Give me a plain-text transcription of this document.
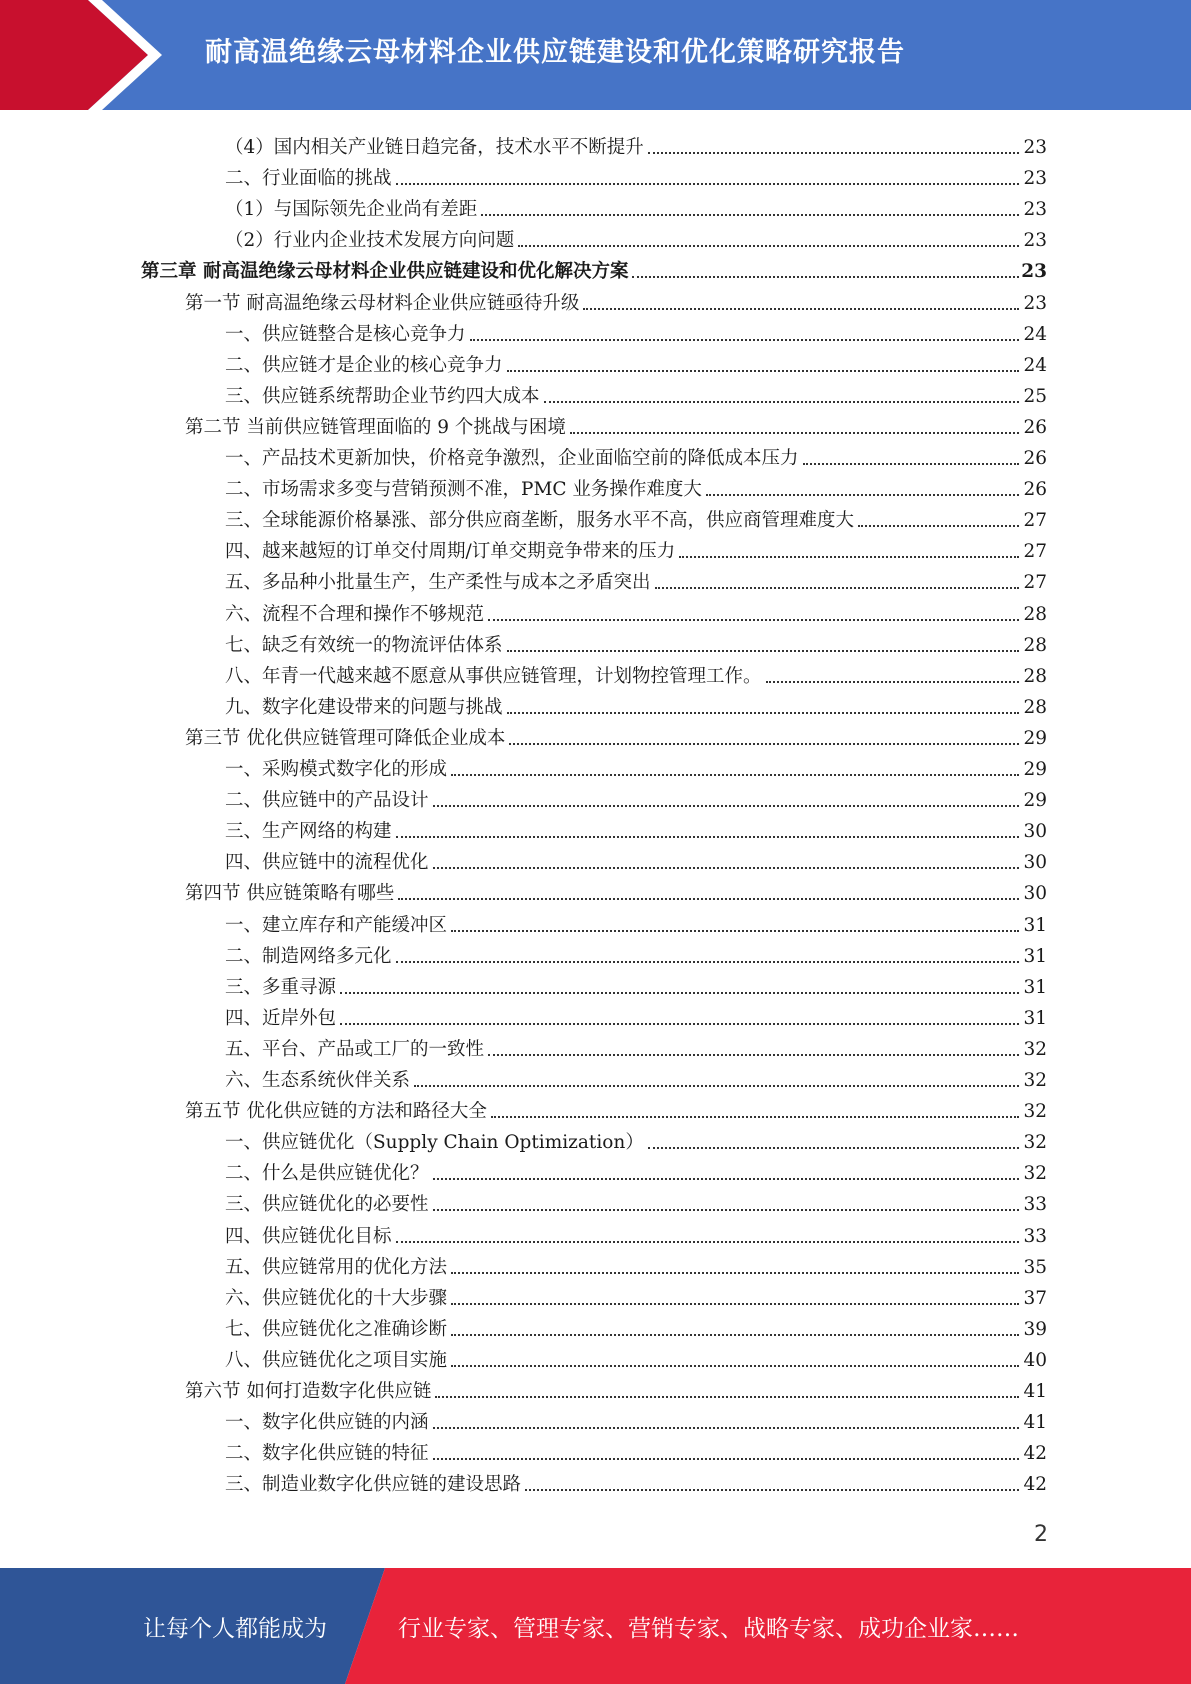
耐高温绝缘云母材料企业供应链建设和优化策略研究报告
（4）国内相关产业链日趋完备，技术水平不断提升	23
二、行业面临的挑战	23
（1）与国际领先企业尚有差距	23
（2）行业内企业技术发展方向问题	23
第三章 耐高温绝缘云母材料企业供应链建设和优化解决方案	23
第一节 耐高温绝缘云母材料企业供应链亟待升级	23
一、供应链整合是核心竞争力	24
二、供应链才是企业的核心竞争力	24
三、供应链系统帮助企业节约四大成本	25
第二节 当前供应链管理面临的 9 个挑战与困境	26
一、产品技术更新加快，价格竞争激烈，企业面临空前的降低成本压力	26
二、市场需求多变与营销预测不准，PMC 业务操作难度大	26
三、全球能源价格暴涨、部分供应商垄断，服务水平不高，供应商管理难度大	27
四、越来越短的订单交付周期/订单交期竞争带来的压力	27
五、多品种小批量生产，生产柔性与成本之矛盾突出	27
六、流程不合理和操作不够规范	28
七、缺乏有效统一的物流评估体系	28
八、年青一代越来越不愿意从事供应链管理，计划物控管理工作。	28
九、数字化建设带来的问题与挑战	28
第三节 优化供应链管理可降低企业成本	29
一、采购模式数字化的形成	29
二、供应链中的产品设计	29
三、生产网络的构建	30
四、供应链中的流程优化	30
第四节 供应链策略有哪些	30
一、建立库存和产能缓冲区	31
二、制造网络多元化	31
三、多重寻源	31
四、近岸外包	31
五、平台、产品或工厂的一致性	32
六、生态系统伙伴关系	32
第五节 优化供应链的方法和路径大全	32
一、供应链优化（Supply Chain Optimization）	32
二、什么是供应链优化？	32
三、供应链优化的必要性	33
四、供应链优化目标	33
五、供应链常用的优化方法	35
六、供应链优化的十大步骤	37
七、供应链优化之准确诊断	39
八、供应链优化之项目实施	40
第六节 如何打造数字化供应链	41
一、数字化供应链的内涵	41
二、数字化供应链的特征	42
三、制造业数字化供应链的建设思路	42
2
让每个人都能成为	行业专家、管理专家、营销专家、战略专家、成功企业家……
